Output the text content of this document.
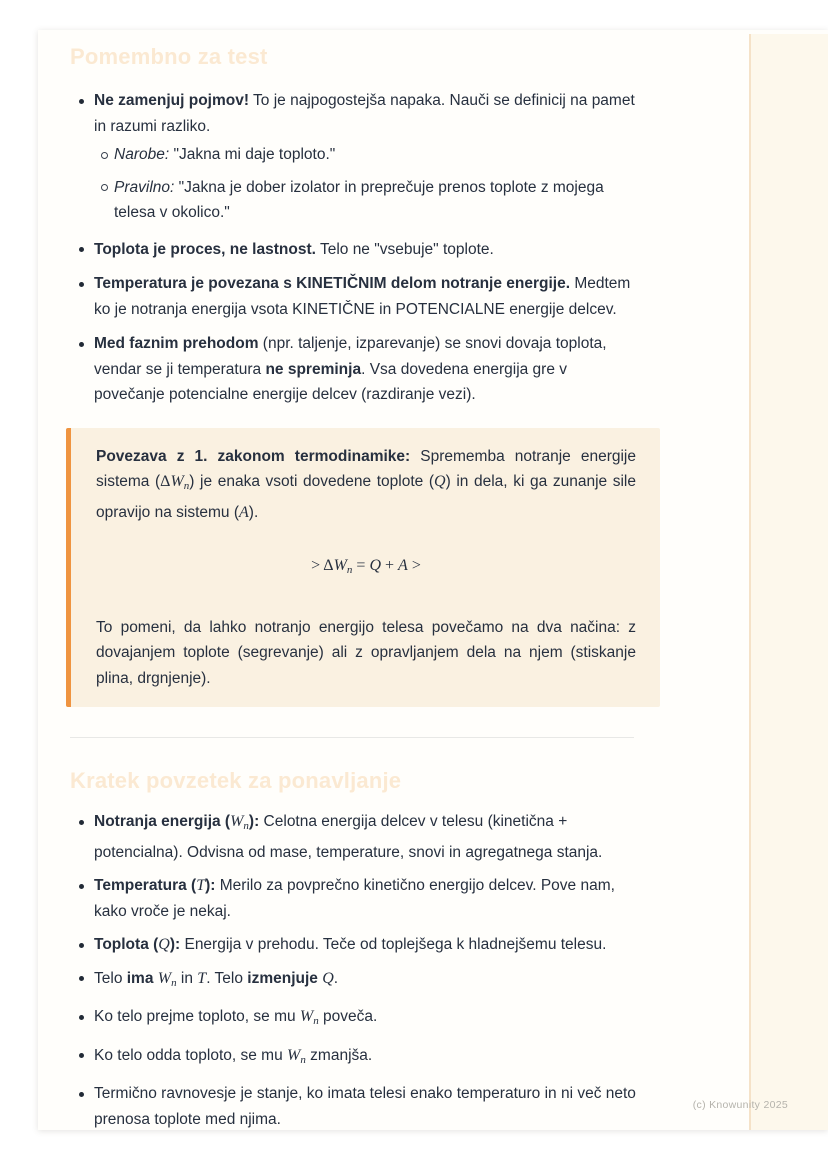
Pomembno za test
Ne zamenjuj pojmov! To je najpogostejša napaka. Nauči se definicij na pamet in razumi razliko.
Narobe: "Jakna mi daje toploto."
Pravilno: "Jakna je dober izolator in preprečuje prenos toplote z mojega telesa v okolico."
Toplota je proces, ne lastnost. Telo ne "vsebuje" toplote.
Temperatura je povezana s KINETIČNIM delom notranje energije. Medtem ko je notranja energija vsota KINETIČNE in POTENCIALNE energije delcev.
Med faznim prehodom (npr. taljenje, izparevanje) se snovi dovaja toplota, vendar se ji temperatura ne spreminja. Vsa dovedena energija gre v povečanje potencialne energije delcev (razdiranje vezi).

Povezava z 1. zakonom termodinamike: Sprememba notranje energije sistema $(\Delta W_n)$ je enaka vsoti dovedene toplote (Q) in dela, ki ga zunanje sile opravijo na sistemu (A).

> $\Delta W_n = Q + A$ >

To pomeni, da lahko notranjo energijo telesa povečamo na dva načina: z dovajanjem toplote (segrevanje) ali z opravljanjem dela na njem (stiskanje plina, drgnjenje).

Kratek povzetek za ponavljanje
Notranja energija $(W_n)$: Celotna energija delcev v telesu (kinetična + potencialna). Odvisna od mase, temperature, snovi in agregatnega stanja.
Temperatura (T): Merilo za povprečno kinetično energijo delcev. Pove nam, kako vroče je nekaj.
Toplota (Q): Energija v prehodu. Teče od toplejšega k hladnejšemu telesu.
Telo ima $W_n$ in T. Telo izmenjuje Q.
Ko telo prejme toploto, se mu $W_n$ poveča.
Ko telo odda toploto, se mu $W_n$ zmanjša.
Termično ravnovesje je stanje, ko imata telesi enako temperaturo in ni več neto prenosa toplote med njima.
(c) Knowunity 2025
